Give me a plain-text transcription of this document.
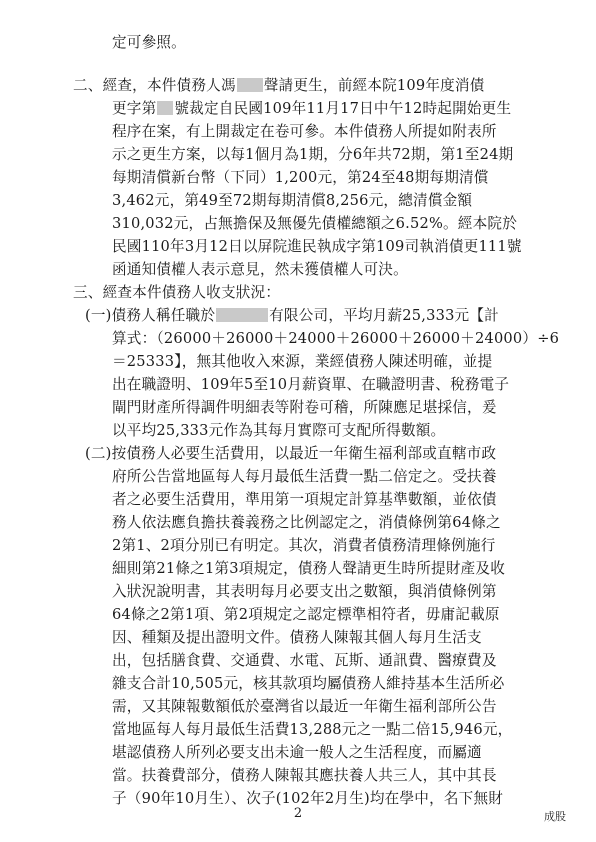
定可參照。
二、經查，本件債務人馮 聲請更生，前經本院109年度消債
更字第 號裁定自民國109年11月17日中午12時起開始更生
程序在案，有上開裁定在卷可參。本件債務人所提如附表所
示之更生方案，以每1個月為1期，分6年共72期，第1至24期
每期清償新台幣（下同）1,200元，第24至48期每期清償
3,462元，第49至72期每期清償8,256元，總清償金額
310,032元，占無擔保及無優先債權總額之6.52%。經本院於
民國110年3月12日以屏院進民執成字第109司執消債更111號
函通知債權人表示意見，然未獲債權人可決。
三、經查本件債務人收支狀況：
(一)債務人稱任職於	有限公司，平均月薪25,333元【計
算式：（26000＋26000＋24000＋26000＋26000＋24000）÷6
＝25333】，無其他收入來源，業經債務人陳述明確，並提
出在職證明、109年5至10月薪資單、在職證明書、稅務電子
閘門財產所得調件明細表等附卷可稽，所陳應足堪採信，爰
以平均25,333元作為其每月實際可支配所得數額。
(二)按債務人必要生活費用，以最近一年衛生福利部或直轄市政
府所公告當地區每人每月最低生活費一點二倍定之。受扶養
者之必要生活費用，準用第一項規定計算基準數額，並依債
務人依法應負擔扶養義務之比例認定之，消債條例第64條之
2第1、2項分別已有明定。其次，消費者債務清理條例施行
細則第21條之1第3項規定，債務人聲請更生時所提財產及收
入狀況說明書，其表明每月必要支出之數額，與消債條例第
64條之2第1項、第2項規定之認定標準相符者，毋庸記載原
因、種類及提出證明文件。債務人陳報其個人每月生活支
出，包括膳食費、交通費、水電、瓦斯、通訊費、醫療費及
雜支合計10,505元，核其款項均屬債務人維持基本生活所必
需，又其陳報數額低於臺灣省以最近一年衛生福利部所公告
當地區每人每月最低生活費13,288元之一點二倍15,946元，
堪認債務人所列必要支出未逾一般人之生活程度，而屬適
當。扶養費部分，債務人陳報其應扶養人共三人，其中其長
子（90年10月生）、次子(102年2月生)均在學中，名下無財
2	成股
